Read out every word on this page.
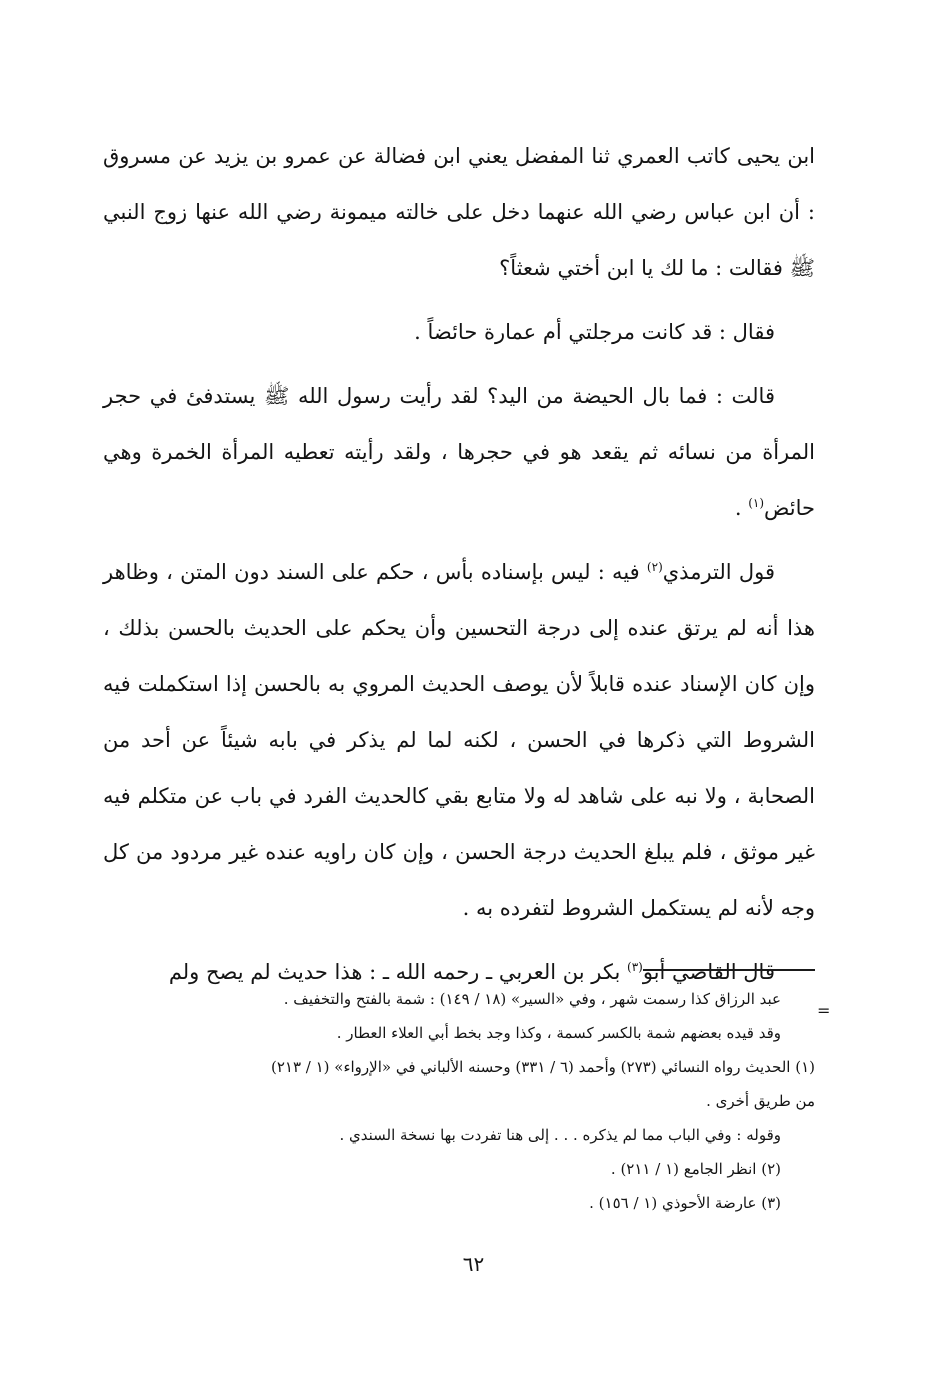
ابن يحيى كاتب العمري ثنا المفضل يعني ابن فضالة عن عمرو بن يزيد عن مسروق : أن ابن عباس رضي الله عنهما دخل على خالته ميمونة رضي الله عنها زوج النبي ﷺ فقالت : ما لك يا ابن أختي شعثاً؟

فقال : قد كانت مرجلتي أم عمارة حائضاً .

قالت : فما بال الحيضة من اليد؟ لقد رأيت رسول الله ﷺ يستدفئ في حجر المرأة من نسائه ثم يقعد هو في حجرها ، ولقد رأيته تعطيه المرأة الخمرة وهي حائض$^{(١)}$ .

قول الترمذي$^{(٢)}$ فيه : ليس بإسناده بأس ، حكم على السند دون المتن ، وظاهر هذا أنه لم يرتق عنده إلى درجة التحسين وأن يحكم على الحديث بالحسن بذلك ، وإن كان الإسناد عنده قابلاً لأن يوصف الحديث المروي به بالحسن إذا استكملت فيه الشروط التي ذكرها في الحسن ، لكنه لما لم يذكر في بابه شيئاً عن أحد من الصحابة ، ولا نبه على شاهد له ولا متابع بقي كالحديث الفرد في باب عن متكلم فيه غير موثق ، فلم يبلغ الحديث درجة الحسن ، وإن كان راويه عنده غير مردود من كل وجه لأنه لم يستكمل الشروط لتفرده به .

قال القاضي أبو$^{(٣)}$ بكر بن العربي ـ رحمه الله ـ : هذا حديث لم يصح ولم

=

عبد الرزاق كذا رسمت شهر ، وفي «السير» (١٨ / ١٤٩) : شمة بالفتح والتخفيف .

وقد قيده بعضهم شمة بالكسر كسمة ، وكذا وجد بخط أبي العلاء العطار .

(١) الحديث رواه النسائي (٢٧٣) وأحمد (٦ / ٣٣١) وحسنه الألباني في «الإرواء» (١ / ٢١٣)

من طريق أخرى .

وقوله : وفي الباب مما لم يذكره . . . إلى هنا تفردت بها نسخة السندي .

(٢) انظر الجامع (١ / ٢١١) .

(٣) عارضة الأحوذي (١ / ١٥٦) .

٦٢
